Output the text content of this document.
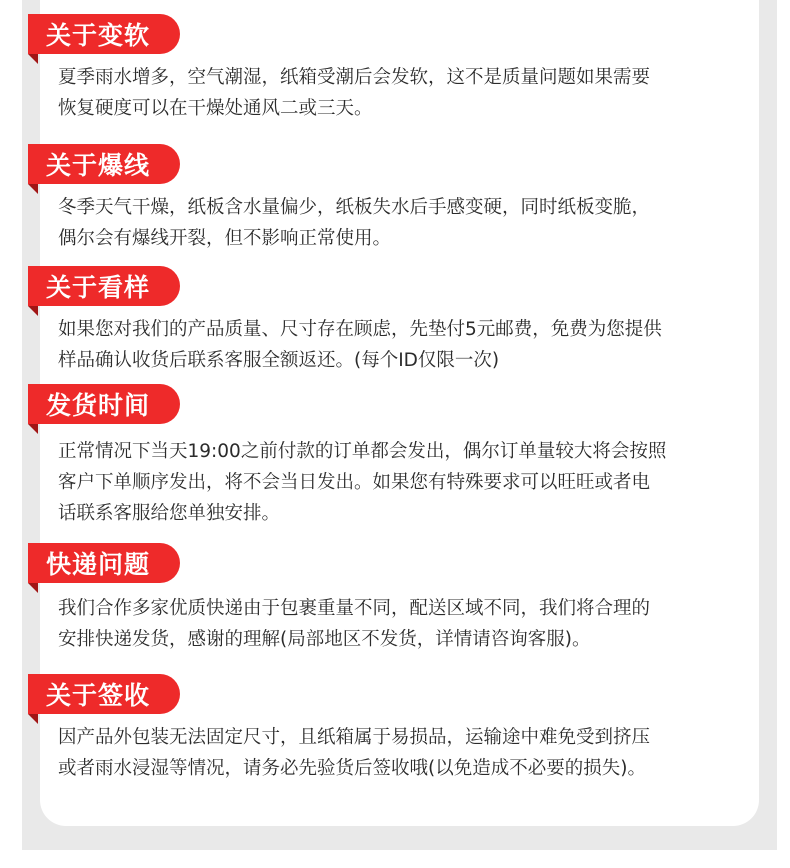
关于变软
夏季雨水增多，空气潮湿，纸箱受潮后会发软，这不是质量问题如果需要
恢复硬度可以在干燥处通风二或三天。
关于爆线
冬季天气干燥，纸板含水量偏少，纸板失水后手感变硬，同时纸板变脆，
偶尔会有爆线开裂，但不影响正常使用。
关于看样
如果您对我们的产品质量、尺寸存在顾虑，先垫付5元邮费，免费为您提供
样品确认收货后联系客服全额返还。(每个ID仅限一次)
发货时间
正常情况下当天19:00之前付款的订单都会发出，偶尔订单量较大将会按照
客户下单顺序发出，将不会当日发出。如果您有特殊要求可以旺旺或者电
话联系客服给您单独安排。
快递问题
我们合作多家优质快递由于包裹重量不同，配送区域不同，我们将合理的
安排快递发货，感谢的理解(局部地区不发货，详情请咨询客服)。
关于签收
因产品外包装无法固定尺寸，且纸箱属于易损品，运输途中难免受到挤压
或者雨水浸湿等情况，请务必先验货后签收哦(以免造成不必要的损失)。
